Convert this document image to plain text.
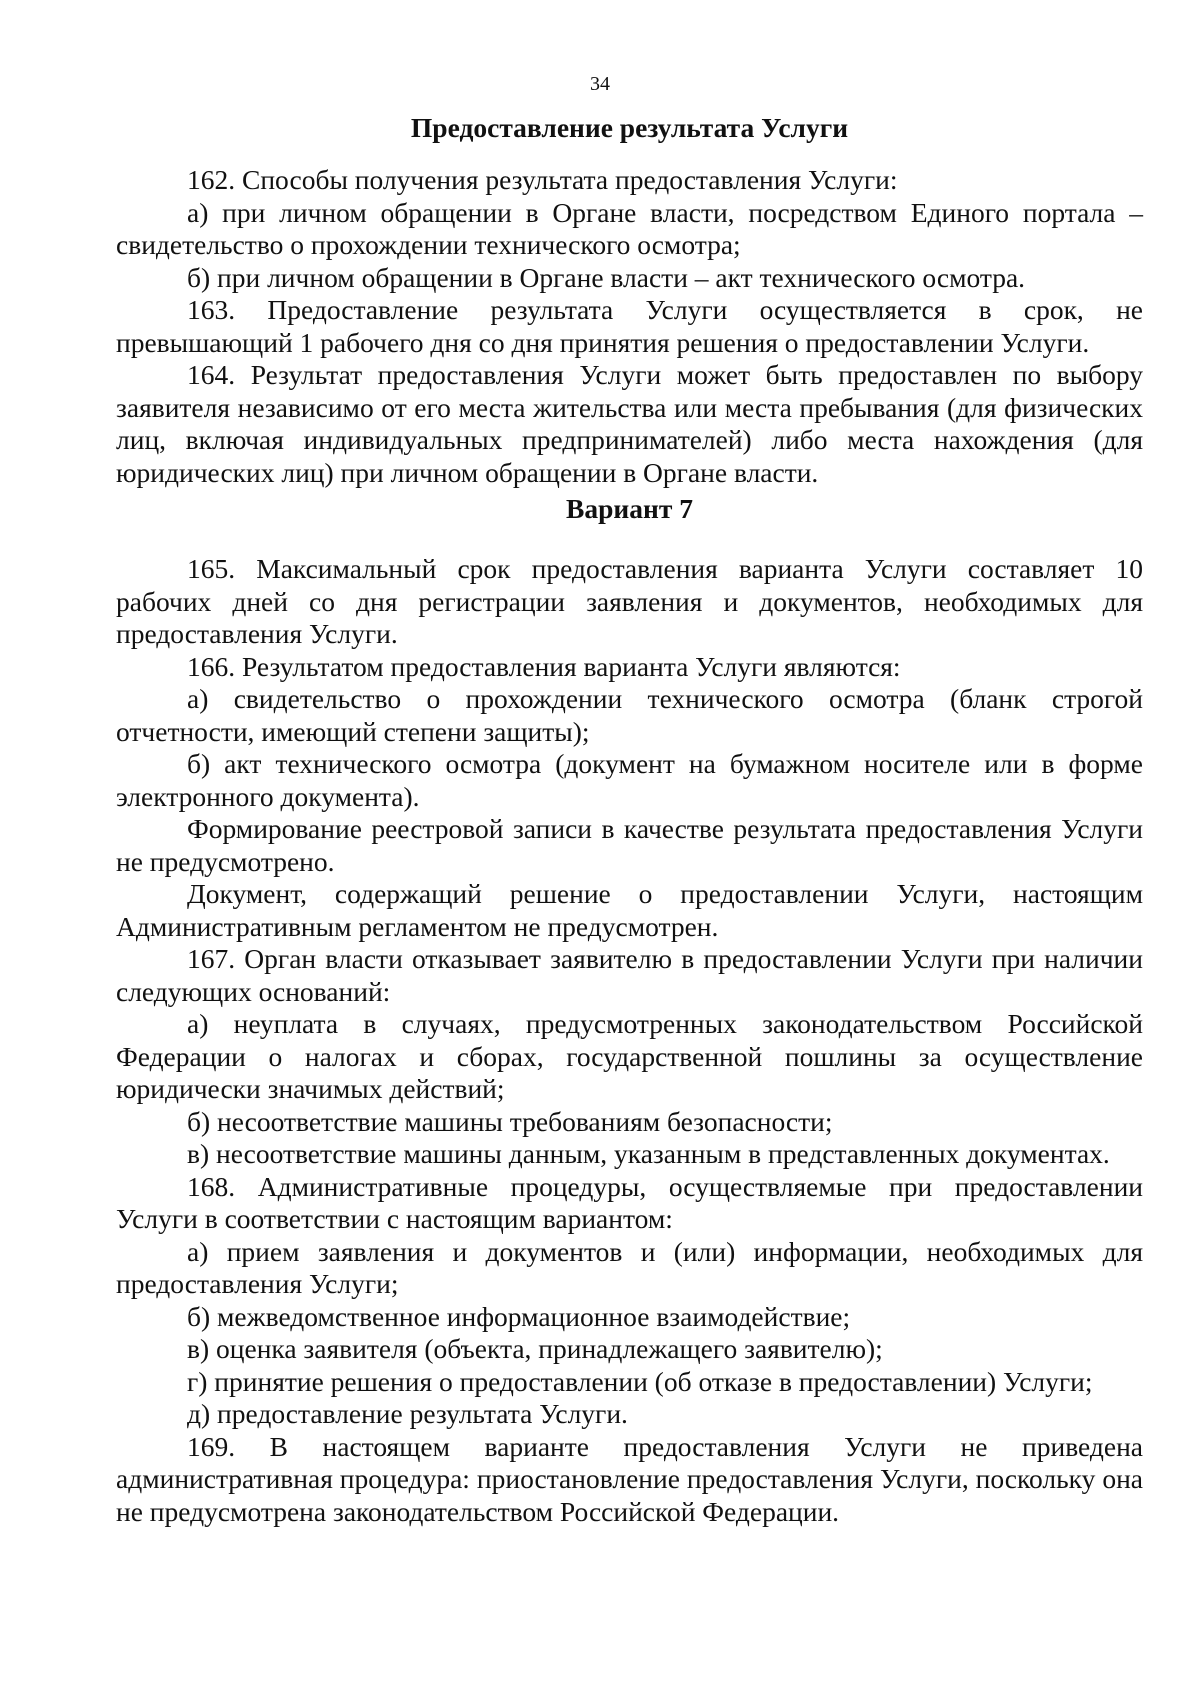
34

Предоставление результата Услуги

162. Способы получения результата предоставления Услуги:

а) при личном обращении в Органе власти, посредством Единого портала – свидетельство о прохождении технического осмотра;

б) при личном обращении в Органе власти – акт технического осмотра.

163. Предоставление результата Услуги осуществляется в срок, не превышающий 1 рабочего дня со дня принятия решения о предоставлении Услуги.

164. Результат предоставления Услуги может быть предоставлен по выбору заявителя независимо от его места жительства или места пребывания (для физических лиц, включая индивидуальных предпринимателей) либо места нахождения (для юридических лиц) при личном обращении в Органе власти.

Вариант 7

165. Максимальный срок предоставления варианта Услуги составляет 10 рабочих дней со дня регистрации заявления и документов, необходимых для предоставления Услуги.

166. Результатом предоставления варианта Услуги являются:

а) свидетельство о прохождении технического осмотра (бланк строгой отчетности, имеющий степени защиты);

б) акт технического осмотра (документ на бумажном носителе или в форме электронного документа).

Формирование реестровой записи в качестве результата предоставления Услуги не предусмотрено.

Документ, содержащий решение о предоставлении Услуги, настоящим Административным регламентом не предусмотрен.

167. Орган власти отказывает заявителю в предоставлении Услуги при наличии следующих оснований:

а) неуплата в случаях, предусмотренных законодательством Российской Федерации о налогах и сборах, государственной пошлины за осуществление юридически значимых действий;

б) несоответствие машины требованиям безопасности;

в) несоответствие машины данным, указанным в представленных документах.

168. Административные процедуры, осуществляемые при предоставлении Услуги в соответствии с настоящим вариантом:

а) прием заявления и документов и (или) информации, необходимых для предоставления Услуги;

б) межведомственное информационное взаимодействие;

в) оценка заявителя (объекта, принадлежащего заявителю);

г) принятие решения о предоставлении (об отказе в предоставлении) Услуги;

д) предоставление результата Услуги.

169. В настоящем варианте предоставления Услуги не приведена административная процедура: приостановление предоставления Услуги, поскольку она не предусмотрена законодательством Российской Федерации.
